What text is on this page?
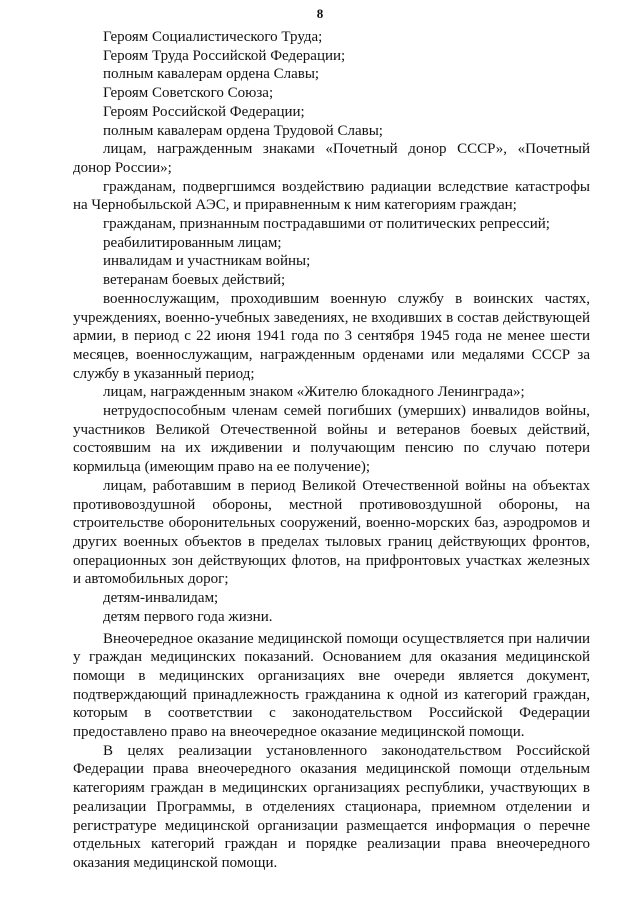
8
Героям Социалистического Труда;
Героям Труда Российской Федерации;
полным кавалерам ордена Славы;
Героям Советского Союза;
Героям Российской Федерации;
полным кавалерам ордена Трудовой Славы;
лицам, награжденным знаками «Почетный донор СССР», «Почетный донор России»;
гражданам, подвергшимся воздействию радиации вследствие катастрофы на Чернобыльской АЭС, и приравненным к ним категориям граждан;
гражданам, признанным пострадавшими от политических репрессий;
реабилитированным лицам;
инвалидам и участникам войны;
ветеранам боевых действий;
военнослужащим, проходившим военную службу в воинских частях, учреждениях, военно-учебных заведениях, не входивших в состав действующей армии, в период с 22 июня 1941 года по 3 сентября 1945 года не менее шести месяцев, военнослужащим, награжденным орденами или медалями СССР за службу в указанный период;
лицам, награжденным знаком «Жителю блокадного Ленинграда»;
нетрудоспособным членам семей погибших (умерших) инвалидов войны, участников Великой Отечественной войны и ветеранов боевых действий, состоявшим на их иждивении и получающим пенсию по случаю потери кормильца (имеющим право на ее получение);
лицам, работавшим в период Великой Отечественной войны на объектах противовоздушной обороны, местной противовоздушной обороны, на строительстве оборонительных сооружений, военно-морских баз, аэродромов и других военных объектов в пределах тыловых границ действующих фронтов, операционных зон действующих флотов, на прифронтовых участках железных и автомобильных дорог;
детям-инвалидам;
детям первого года жизни.
Внеочередное оказание медицинской помощи осуществляется при наличии у граждан медицинских показаний. Основанием для оказания медицинской помощи в медицинских организациях вне очереди является документ, подтверждающий принадлежность гражданина к одной из категорий граждан, которым в соответствии с законодательством Российской Федерации предоставлено право на внеочередное оказание медицинской помощи.
В целях реализации установленного законодательством Российской Федерации права внеочередного оказания медицинской помощи отдельным категориям граждан в медицинских организациях республики, участвующих в реализации Программы, в отделениях стационара, приемном отделении и регистратуре медицинской организации размещается информация о перечне отдельных категорий граждан и порядке реализации права внеочередного оказания медицинской помощи.
